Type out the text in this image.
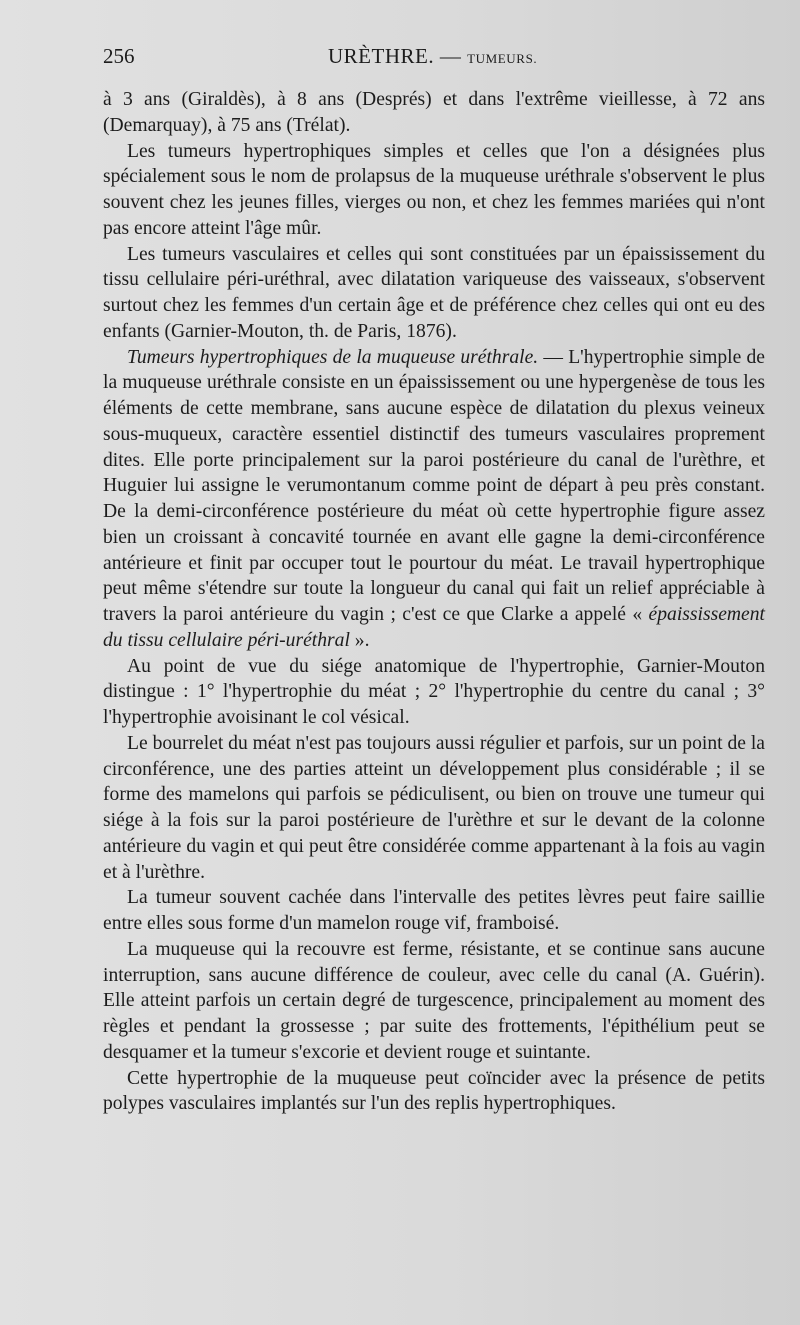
256	URÈTHRE. — TUMEURS.

à 3 ans (Giraldès), à 8 ans (Després) et dans l'extrême vieillesse, à 72 ans (Demarquay), à 75 ans (Trélat).

Les tumeurs hypertrophiques simples et celles que l'on a désignées plus spécialement sous le nom de prolapsus de la muqueuse uréthrale s'observent le plus souvent chez les jeunes filles, vierges ou non, et chez les femmes mariées qui n'ont pas encore atteint l'âge mûr.

Les tumeurs vasculaires et celles qui sont constituées par un épaississement du tissu cellulaire péri-uréthral, avec dilatation variqueuse des vaisseaux, s'observent surtout chez les femmes d'un certain âge et de préférence chez celles qui ont eu des enfants (Garnier-Mouton, th. de Paris, 1876).

Tumeurs hypertrophiques de la muqueuse uréthrale. — L'hypertrophie simple de la muqueuse uréthrale consiste en un épaississement ou une hypergenèse de tous les éléments de cette membrane, sans aucune espèce de dilatation du plexus veineux sous-muqueux, caractère essentiel distinctif des tumeurs vasculaires proprement dites. Elle porte principalement sur la paroi postérieure du canal de l'urèthre, et Huguier lui assigne le verumontanum comme point de départ à peu près constant. De la demi-circonférence postérieure du méat où cette hypertrophie figure assez bien un croissant à concavité tournée en avant elle gagne la demi-circonférence antérieure et finit par occuper tout le pourtour du méat. Le travail hypertrophique peut même s'étendre sur toute la longueur du canal qui fait un relief appréciable à travers la paroi antérieure du vagin ; c'est ce que Clarke a appelé « épaississement du tissu cellulaire péri-uréthral ».

Au point de vue du siége anatomique de l'hypertrophie, Garnier-Mouton distingue : 1° l'hypertrophie du méat ; 2° l'hypertrophie du centre du canal ; 3° l'hypertrophie avoisinant le col vésical.

Le bourrelet du méat n'est pas toujours aussi régulier et parfois, sur un point de la circonférence, une des parties atteint un développement plus considérable ; il se forme des mamelons qui parfois se pédiculisent, ou bien on trouve une tumeur qui siége à la fois sur la paroi postérieure de l'urèthre et sur le devant de la colonne antérieure du vagin et qui peut être considérée comme appartenant à la fois au vagin et à l'urèthre.

La tumeur souvent cachée dans l'intervalle des petites lèvres peut faire saillie entre elles sous forme d'un mamelon rouge vif, framboisé.

La muqueuse qui la recouvre est ferme, résistante, et se continue sans aucune interruption, sans aucune différence de couleur, avec celle du canal (A. Guérin). Elle atteint parfois un certain degré de turgescence, principalement au moment des règles et pendant la grossesse ; par suite des frottements, l'épithélium peut se desquamer et la tumeur s'excorie et devient rouge et suintante.

Cette hypertrophie de la muqueuse peut coïncider avec la présence de petits polypes vasculaires implantés sur l'un des replis hypertrophiques.
